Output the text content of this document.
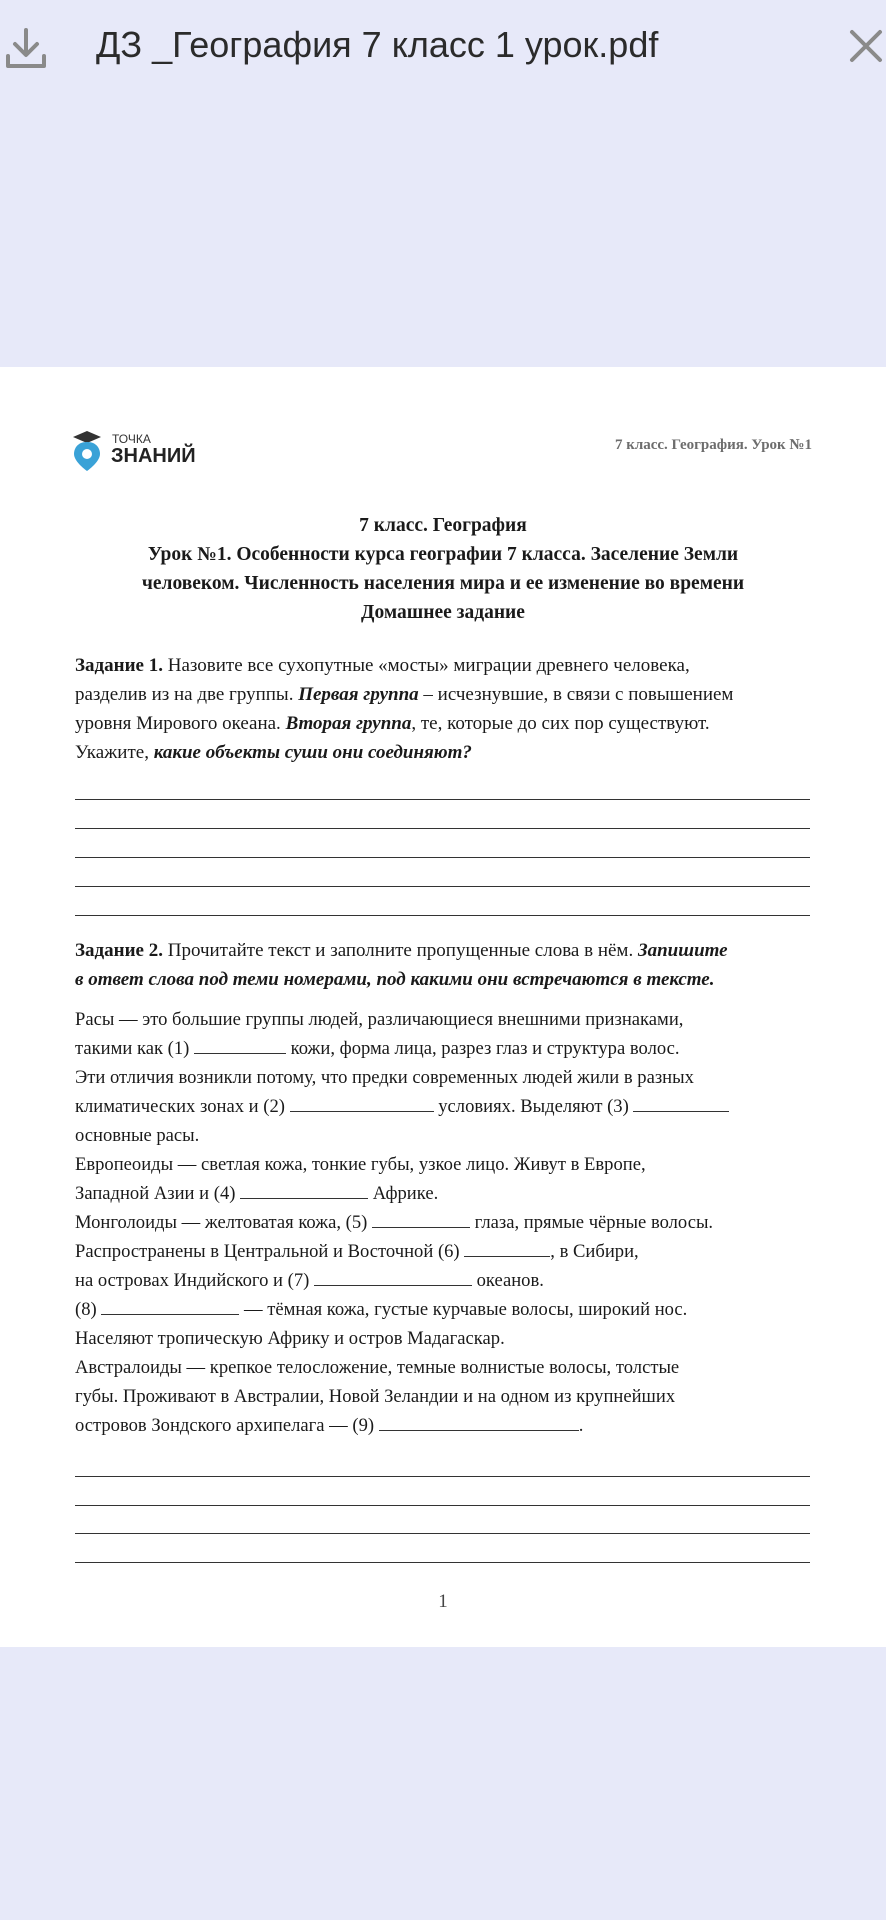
ДЗ _География 7 класс 1 урок.pdf
ТОЧКА
ЗНАНИЙ	7 класс. География. Урок №1
7 класс. География
Урок №1. Особенности курса географии 7 класса. Заселение Земли
человеком. Численность населения мира и ее изменение во времени
Домашнее задание
Задание 1. Назовите все сухопутные «мосты» миграции древнего человека,
разделив из на две группы. Первая группа – исчезнувшие, в связи с повышением
уровня Мирового океана. Вторая группа, те, которые до сих пор существуют.
Укажите, какие объекты суши они соединяют?
Задание 2. Прочитайте текст и заполните пропущенные слова в нём. Запишите
в ответ слова под теми номерами, под какими они встречаются в тексте.
Расы — это большие группы людей, различающиеся внешними признаками,
такими как (1)	кожи, форма лица, разрез глаз и структура волос.
Эти отличия возникли потому, что предки современных людей жили в разных
климатических зонах и (2)	условиях. Выделяют (3)
основные расы.
Европеоиды — светлая кожа, тонкие губы, узкое лицо. Живут в Европе,
Западной Азии и (4)	Африке.
Монголоиды — желтоватая кожа, (5)	глаза, прямые чёрные волосы.
Распространены в Центральной и Восточной (6)	, в Сибири,
на островах Индийского и (7)	океанов.
(8)	— тёмная кожа, густые курчавые волосы, широкий нос.
Населяют тропическую Африку и остров Мадагаскар.
Австралоиды — крепкое телосложение, темные волнистые волосы, толстые
губы. Проживают в Австралии, Новой Зеландии и на одном из крупнейших
островов Зондского архипелага — (9)	.
1
